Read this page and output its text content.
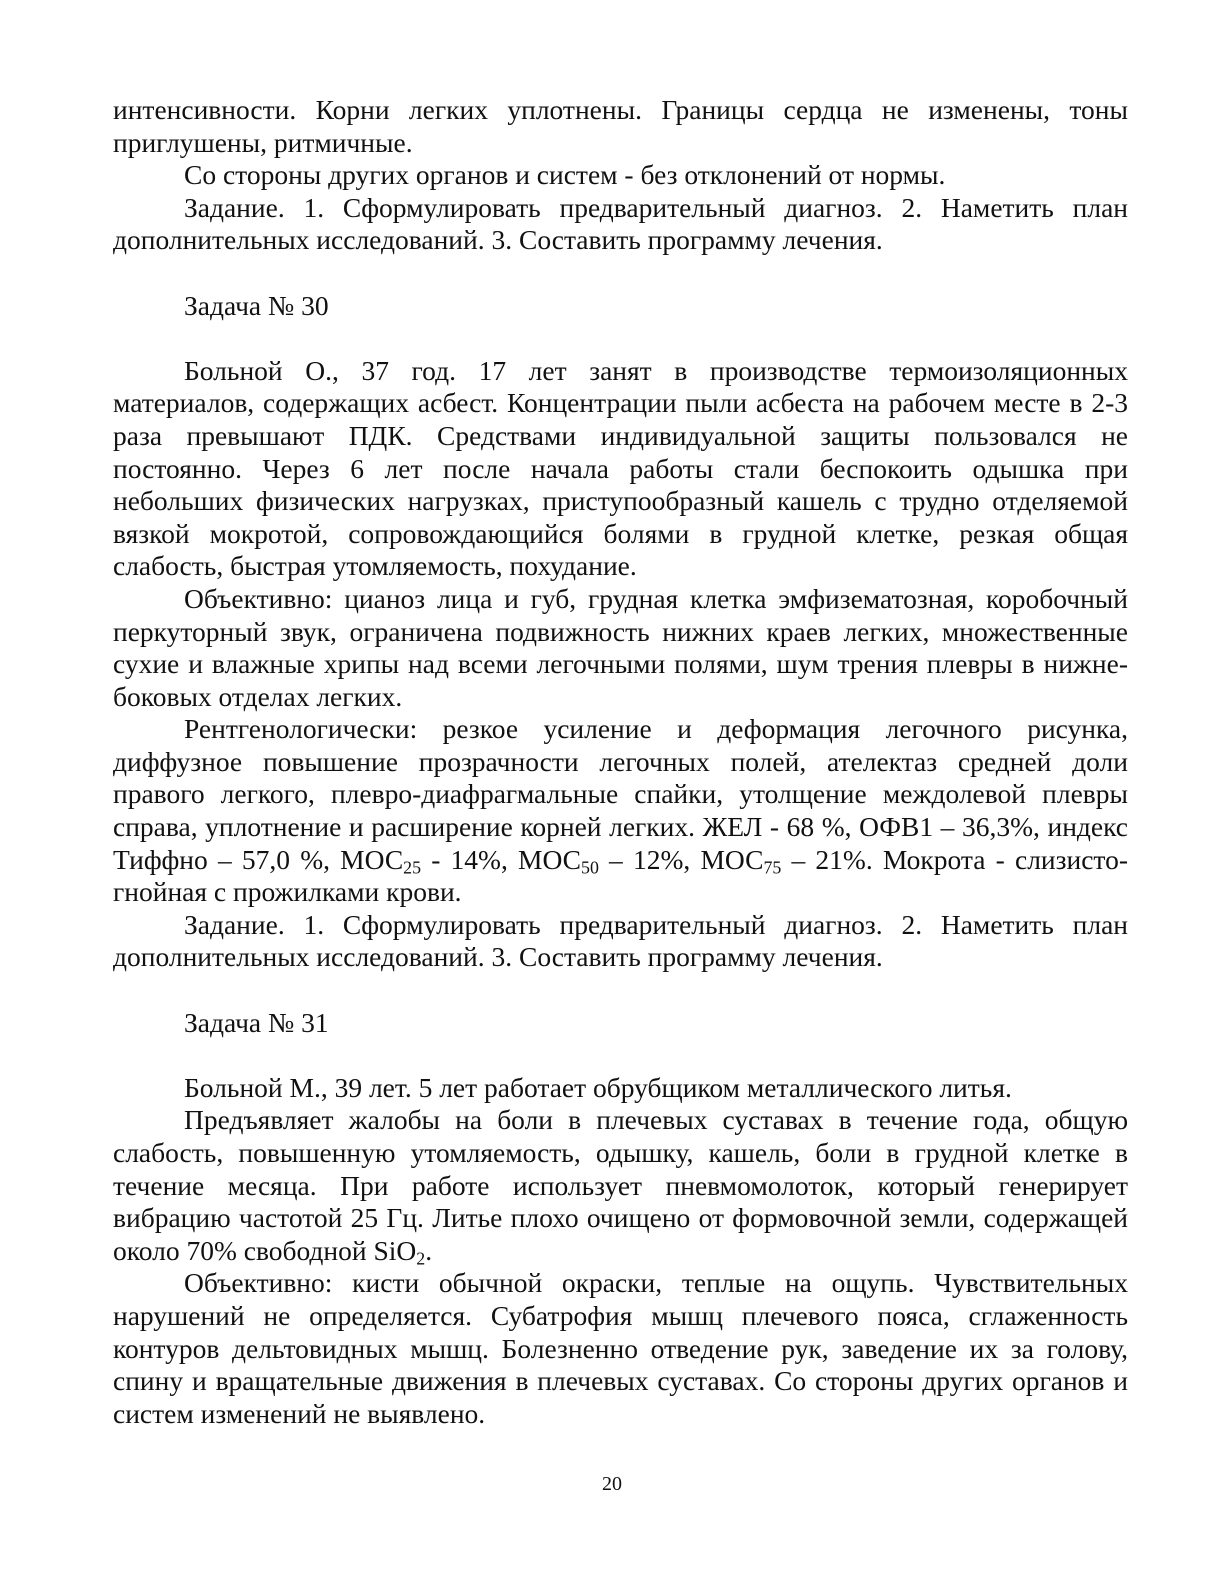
интенсивности. Корни легких уплотнены. Границы сердца не изменены, тоны приглушены, ритмичные.

Со стороны других органов и систем - без отклонений от нормы.

Задание. 1. Сформулировать предварительный диагноз. 2. Наметить план дополнительных исследований. 3. Составить программу лечения.

Задача № 30

Больной О., 37 год. 17 лет занят в производстве термоизоляционных материалов, содержащих асбест. Концентрации пыли асбеста на рабочем месте в 2-3 раза превышают ПДК. Средствами индивидуальной защиты пользовался не постоянно. Через 6 лет после начала работы стали беспокоить одышка при небольших физических нагрузках, приступообразный кашель с трудно отделяемой вязкой мокротой, сопровождающийся болями в грудной клетке, резкая общая слабость, быстрая утомляемость, похудание.

Объективно: цианоз лица и губ, грудная клетка эмфизематозная, коробочный перкуторный звук, ограничена подвижность нижних краев легких, множественные сухие и влажные хрипы над всеми легочными полями, шум трения плевры в нижне-боковых отделах легких.

Рентгенологически: резкое усиление и деформация легочного рисунка, диффузное повышение прозрачности легочных полей, ателектаз средней доли правого легкого, плевро-диафрагмальные спайки, утолщение междолевой плевры справа, уплотнение и расширение корней легких. ЖЕЛ - 68 %, ОФВ1 – 36,3%, индекс Тиффно – 57,0 %, $МОС_{25} - 14\%$, $МОС_{50} - 12\%$, $МОС_{75} - 21\%$. Мокрота - слизисто-гнойная с прожилками крови.

Задание. 1. Сформулировать предварительный диагноз. 2. Наметить план дополнительных исследований. 3. Составить программу лечения.

Задача № 31

Больной М., 39 лет. 5 лет работает обрубщиком металлического литья.

Предъявляет жалобы на боли в плечевых суставах в течение года, общую слабость, повышенную утомляемость, одышку, кашель, боли в грудной клетке в течение месяца. При работе использует пневмомолоток, который генерирует вибрацию частотой 25 Гц. Литье плохо очищено от формовочной земли, содержащей около 70% свободной SiO$_2$.

Объективно: кисти обычной окраски, теплые на ощупь. Чувствительных нарушений не определяется. Субатрофия мышц плечевого пояса, сглаженность контуров дельтовидных мышц. Болезненно отведение рук, заведение их за голову, спину и вращательные движения в плечевых суставах. Со стороны других органов и систем изменений не выявлено.

20
